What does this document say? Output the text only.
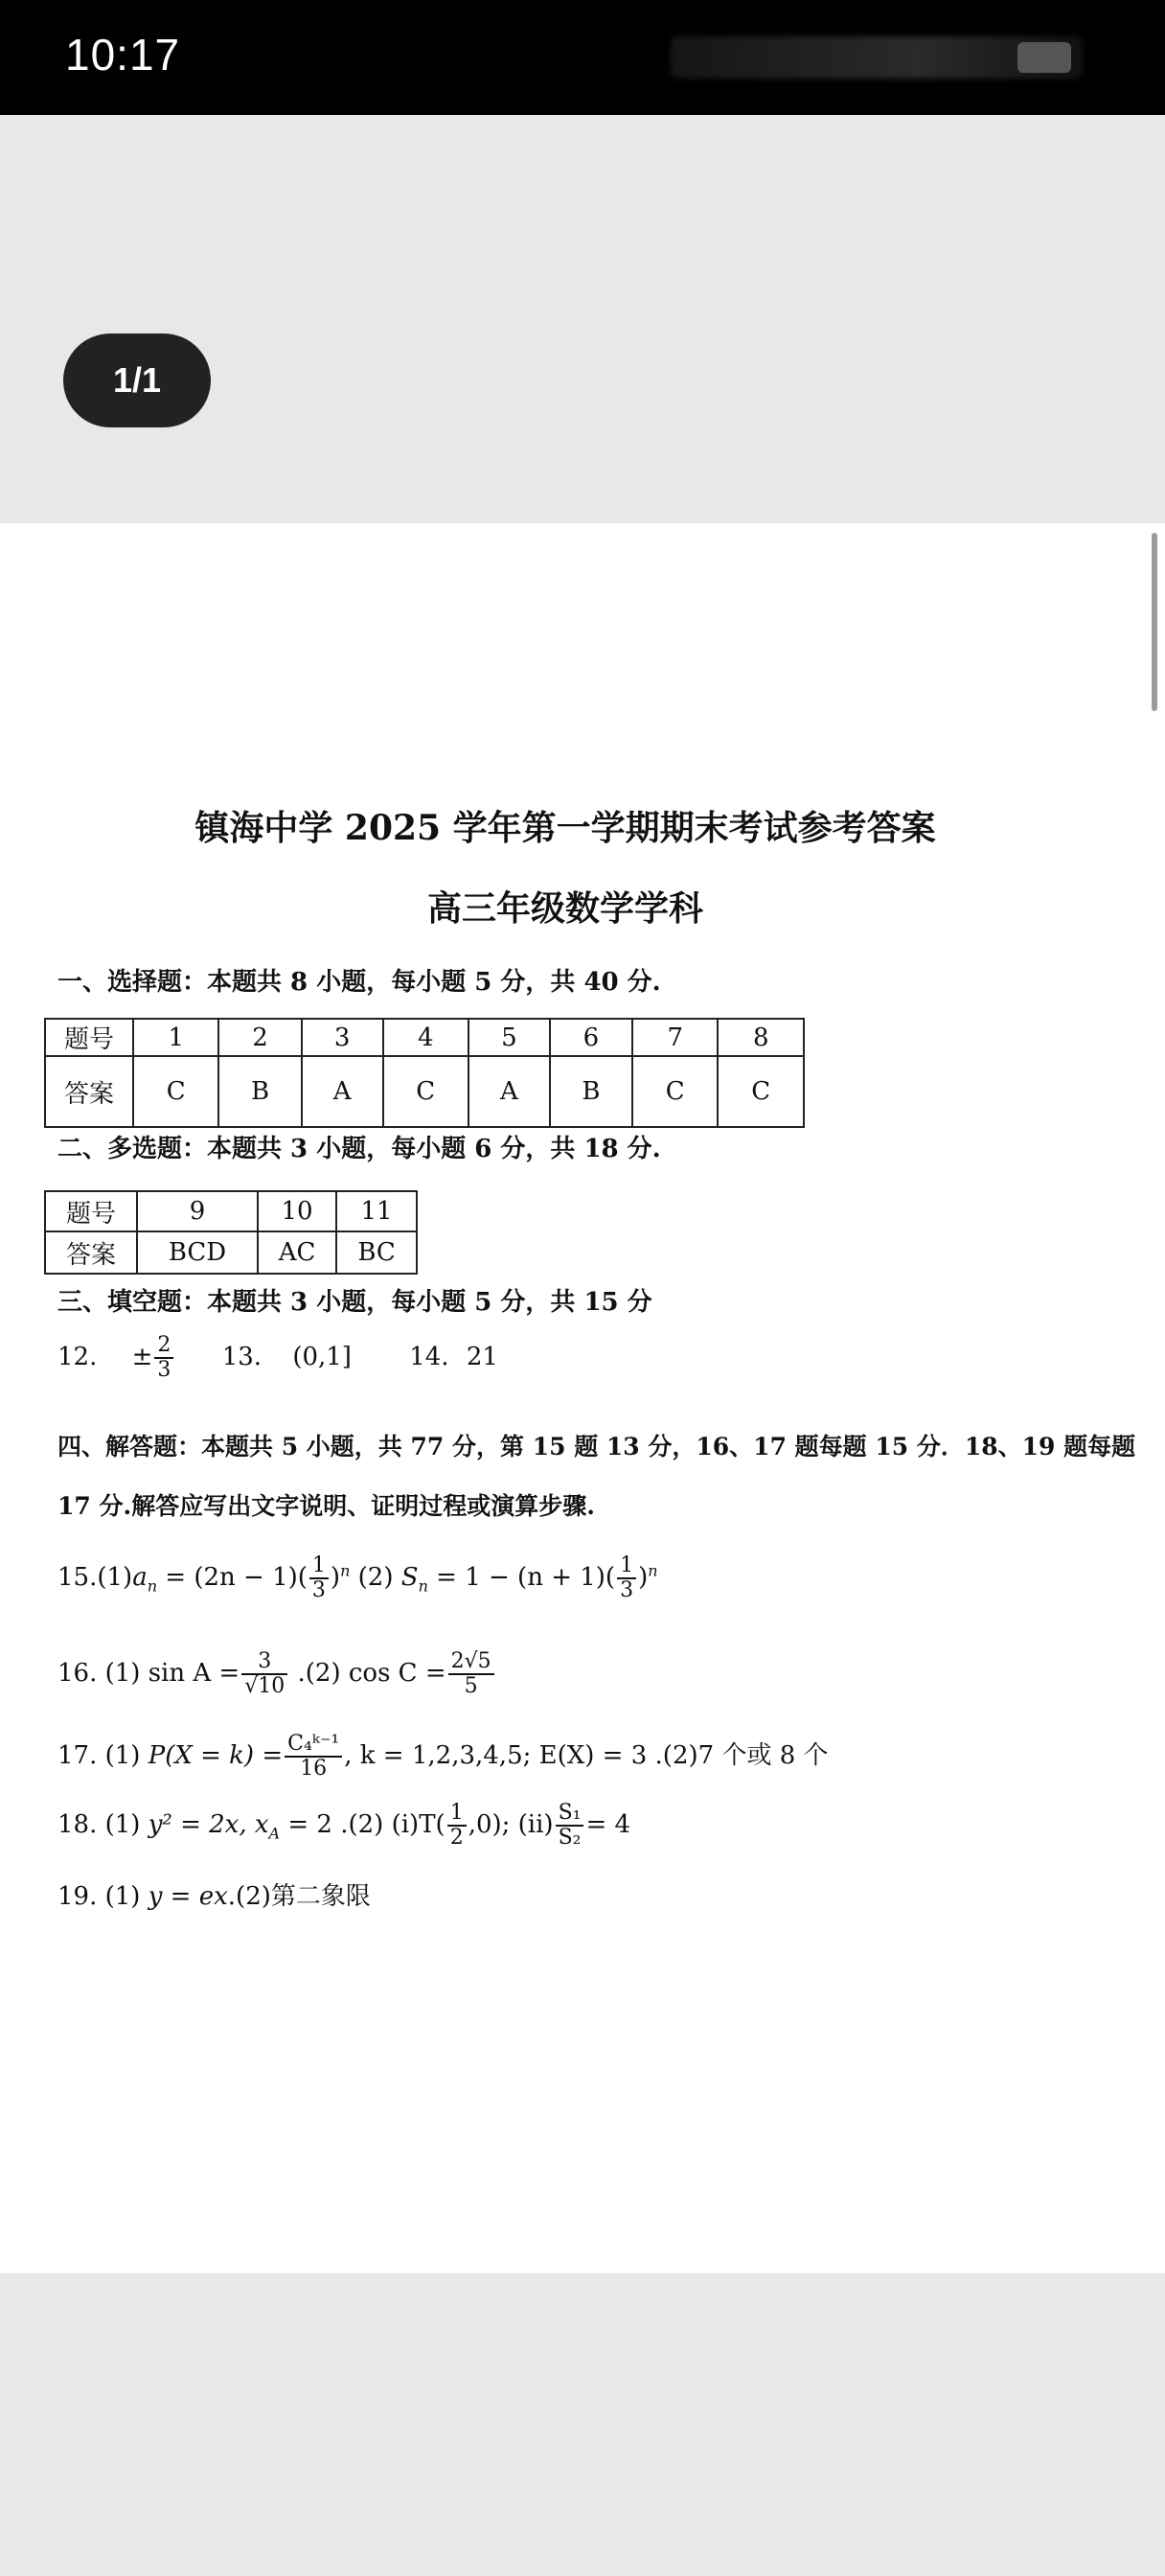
10:17
1/1
镇海中学 2025 学年第一学期期末考试参考答案
高三年级数学学科
一、选择题：本题共 8 小题，每小题 5 分，共 40 分.
题号	1	2	3	4	5	6	7	8
答案	C	B	A	C	A	B	C	C
二、多选题：本题共 3 小题，每小题 6 分，共 18 分.
题号	9	10	11
答案	BCD	AC	BC
三、填空题：本题共 3 小题，每小题 5 分，共 15 分
12. ± $\frac{2}{3} 13$. (0,1] 14. 21
四、解答题：本题共 5 小题，共 77 分，第 15 题 13 分，16、17 题每题 15 分．18、19 题每题
17 分.解答应写出文字说明、证明过程或演算步骤.
$15.(1)a_n = (2n - 1)( \frac{1}{3} )^n$ (2) $S_n = 1 - (n + 1)( \frac{1}{3} )^n$
16. (1) $\sin A = \frac{3}{√10} .(2)$ $\cos C = \frac{2√5}{5}$
17. (1) $P(X = k) = \frac{\text{C₄ᵏ⁻¹}}{16}$ , k = 1,2,3,4,5; E(X) = 3 .(2)7 个或 8 个
18. (1) y² = 2x, $x_A = 2$ .(2) $(i)T( \frac{1}{2} ,0)$; $(ii) \frac{\text{S₁}}{\text{S₂}} = 4$
19. (1) y = ex.(2)第二象限
